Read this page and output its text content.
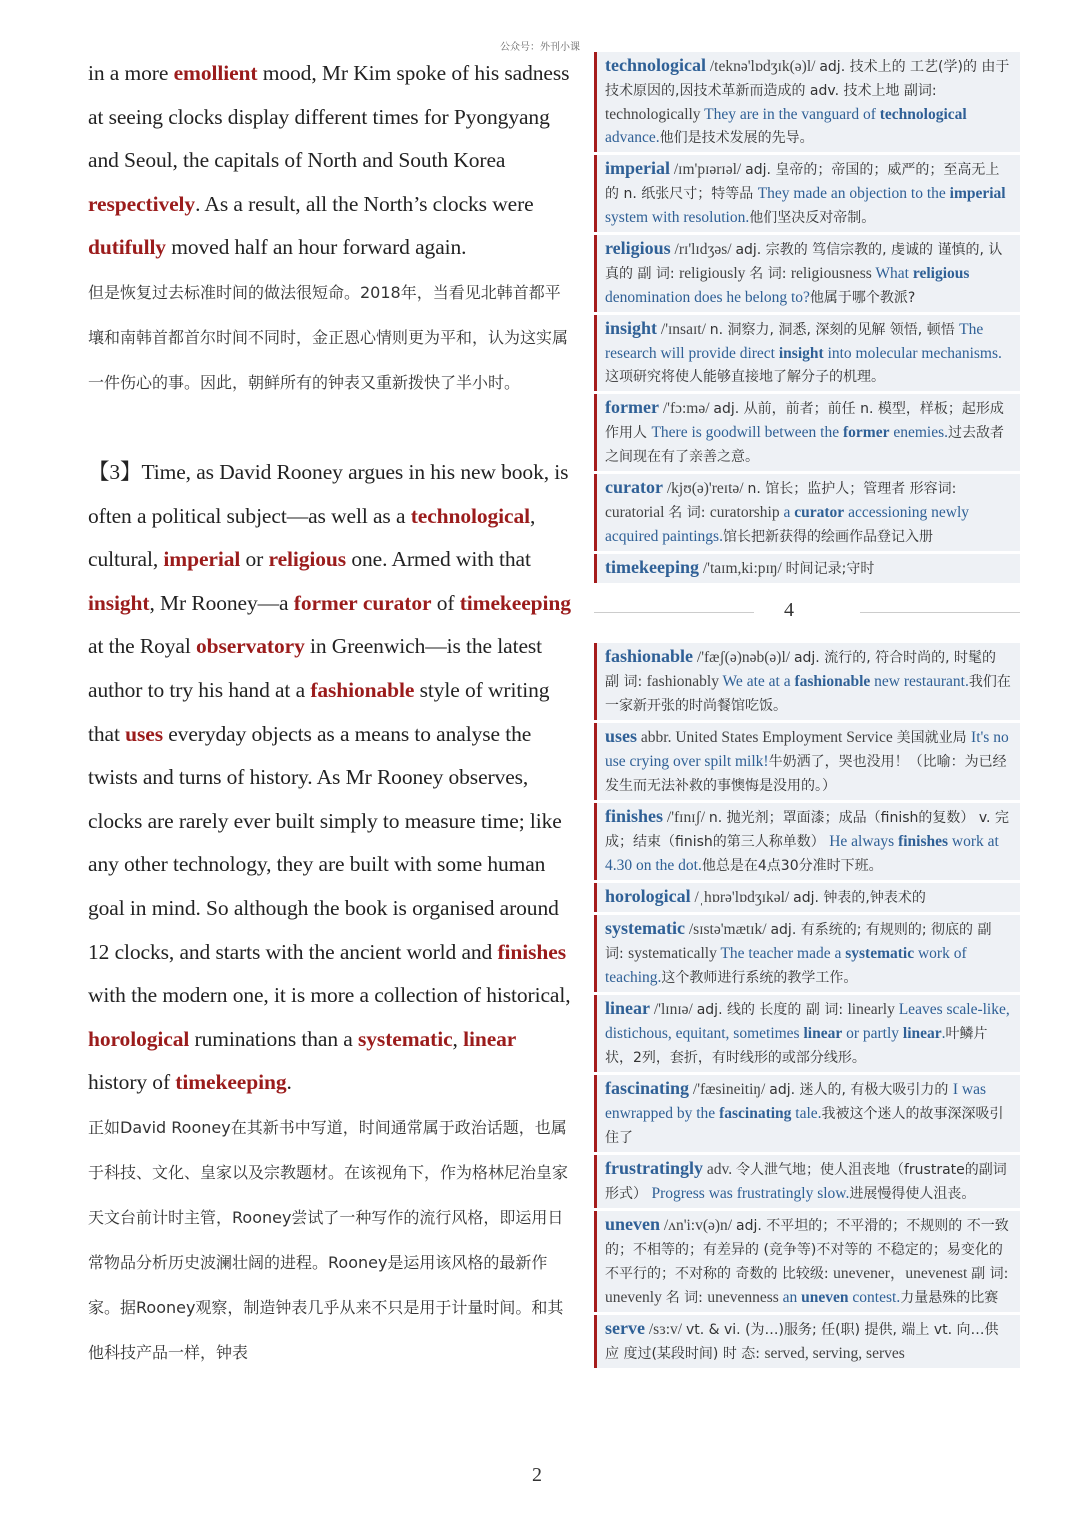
公众号：外刊小课
in a more emollient mood, Mr Kim spoke of his sadness at seeing clocks display different times for Pyongyang and Seoul, the capitals of North and South Korea respectively. As a result, all the North’s clocks were dutifully moved half an hour forward again.
但是恢复过去标准时间的做法很短命。2018年，当看见北韩首都平壤和南韩首都首尔时间不同时，金正恩心情则更为平和，认为这实属一件伤心的事。因此，朝鲜所有的钟表又重新拨快了半小时。
【3】Time, as David Rooney argues in his new book, is often a political subject—as well as a technological, cultural, imperial or religious one. Armed with that insight, Mr Rooney—a former curator of timekeeping at the Royal observatory in Greenwich—is the latest author to try his hand at a fashionable style of writing that uses everyday objects as a means to analyse the twists and turns of history. As Mr Rooney observes, clocks are rarely ever built simply to measure time; like any other technology, they are built with some human goal in mind. So although the book is organised around 12 clocks, and starts with the ancient world and finishes with the modern one, it is more a collection of historical, horological ruminations than a systematic, linear history of timekeeping.
正如David Rooney在其新书中写道，时间通常属于政治话题，也属于科技、文化、皇家以及宗教题材。在该视角下，作为格林尼治皇家天文台前计时主管，Rooney尝试了一种写作的流行风格，即运用日常物品分析历史波澜壮阔的进程。Rooney是运用该风格的最新作家。据Rooney观察，制造钟表几乎从来不只是用于计量时间。和其他科技产品一样，钟表
2
technological /teknə'lɒdʒɪk(ə)l/ adj. 技术上的 工艺(学)的 由于技术原因的,因技术革新而造成的 adv. 技术上地 副词: technologically They are in the vanguard of technological advance.他们是技术发展的先导。
imperial /ɪm'pɪərɪəl/ adj. 皇帝的；帝国的；威严的；至高无上的 n. 纸张尺寸；特等品 They made an objection to the imperial system with resolution.他们坚决反对帝制。
religious /rɪ'lɪdʒəs/ adj. 宗教的 笃信宗教的, 虔诚的 谨慎的, 认真的 副 词: religiously 名 词: religiousness What religious denomination does he belong to?他属于哪个教派?
insight /'ɪnsaɪt/ n. 洞察力, 洞悉, 深刻的见解 领悟, 顿悟 The research will provide direct insight into molecular mechanisms.这项研究将使人能够直接地了解分子的机理。
former /'fɔ:mə/ adj. 从前，前者；前任 n. 模型，样板；起形成作用人 There is goodwill between the former enemies.过去敌者之间现在有了亲善之意。
curator /kjʊ(ə)'reɪtə/ n. 馆长；监护人；管理者 形容词: curatorial 名 词: curatorship a curator accessioning newly acquired paintings.馆长把新获得的绘画作品登记入册
timekeeping /'taɪm,ki:pɪŋ/ 时间记录;守时
4
fashionable /'fæʃ(ə)nəb(ə)l/ adj. 流行的, 符合时尚的, 时髦的 副 词: fashionably We ate at a fashionable new restaurant.我们在一家新开张的时尚餐馆吃饭。
uses abbr. United States Employment Service 美国就业局 It's no use crying over spilt milk!牛奶洒了，哭也没用！（比喻：为已经发生而无法补救的事懊悔是没用的。）
finishes /'fɪnɪʃ/ n. 抛光剂；罩面漆；成品（finish的复数） v. 完成；结束（finish的第三人称单数） He always finishes work at 4.30 on the dot.他总是在4点30分准时下班。
horological /ˌhɒrə'lɒdʒɪkəl/ adj. 钟表的,钟表术的
systematic /sɪstə'mætɪk/ adj. 有系统的; 有规则的; 彻底的 副 词: systematically The teacher made a systematic work of teaching.这个教师进行系统的教学工作。
linear /'lɪnɪə/ adj. 线的 长度的 副 词: linearly Leaves scale-like, distichous, equitant, sometimes linear or partly linear.叶鳞片状，2列，套折，有时线形的或部分线形。
fascinating /'fæsineitiŋ/ adj. 迷人的, 有极大吸引力的 I was enwrapped by the fascinating tale.我被这个迷人的故事深深吸引住了
frustratingly adv. 令人泄气地；使人沮丧地（frustrate的副词形式） Progress was frustratingly slow.进展慢得使人沮丧。
uneven /ʌn'i:v(ə)n/ adj. 不平坦的；不平滑的；不规则的 不一致的；不相等的；有差异的 (竞争等)不对等的 不稳定的；易变化的 不平行的；不对称的 奇数的 比较级: unevener，unevenest 副 词: unevenly 名 词: unevenness an uneven contest.力量悬殊的比赛
serve /sɜ:v/ vt. & vi. (为…)服务; 任(职) 提供, 端上 vt. 向…供应 度过(某段时间) 时 态: served, serving, serves
